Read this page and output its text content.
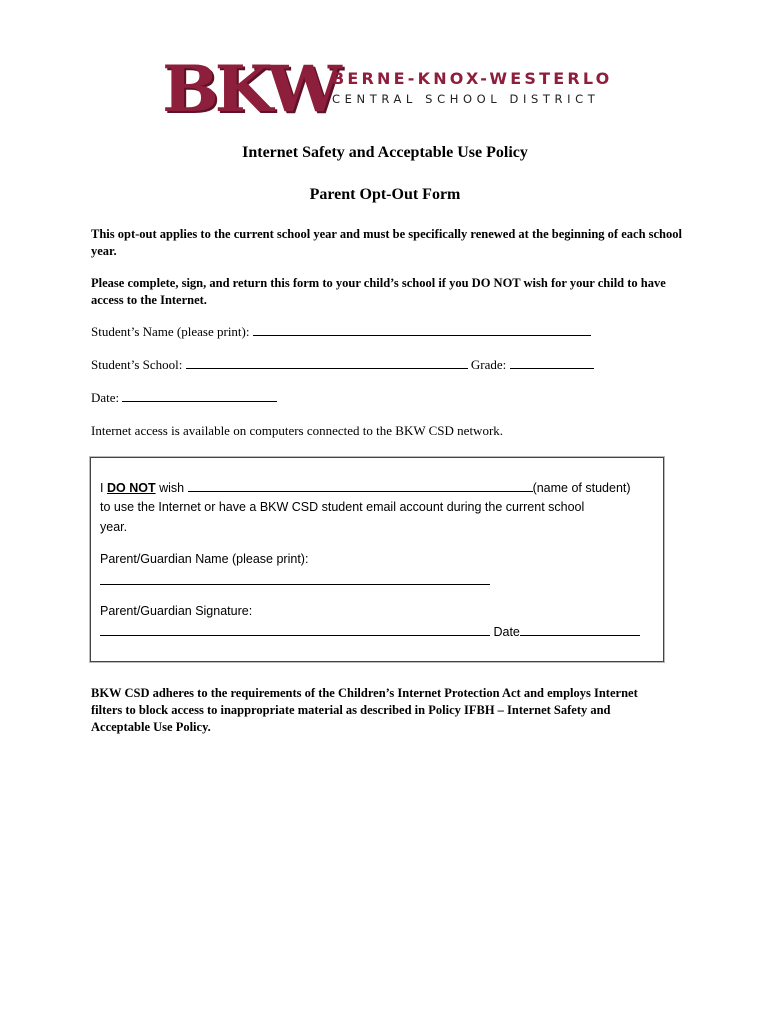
BKW
BERNE-KNOX-WESTERLO
CENTRAL SCHOOL DISTRICT
Internet Safety and Acceptable Use Policy
Parent Opt-Out Form
This opt-out applies to the current school year and must be specifically renewed at the beginning of each school year.
Please complete, sign, and return this form to your child’s school if you DO NOT wish for your child to have access to the Internet.
Student’s Name (please print):
Student’s School:	Grade:
Date:
Internet access is available on computers connected to the BKW CSD network.
I DO NOT wish	(name of student)
to use the Internet or have a BKW CSD student email account during the current school
year.
Parent/Guardian Name (please print):
Parent/Guardian Signature:
Date
BKW CSD adheres to the requirements of the Children’s Internet Protection Act and employs Internet filters to block access to inappropriate material as described in Policy IFBH – Internet Safety and Acceptable Use Policy.
